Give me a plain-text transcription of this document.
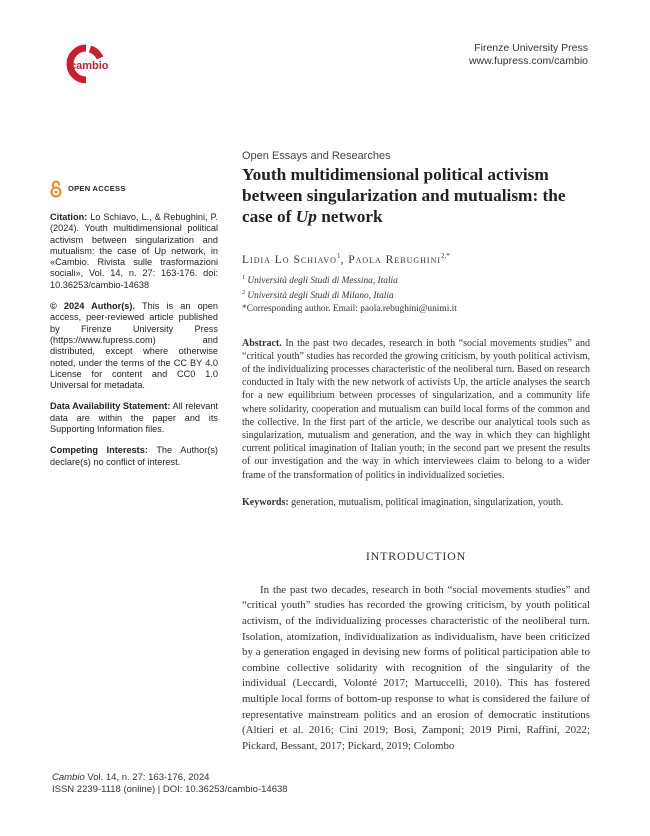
cambio
Firenze University Press
www.fupress.com/cambio
OPEN ACCESS
Citation: Lo Schiavo, L., & Rebughini, P. (2024). Youth multidimensional political activism between singularization and mutualism: the case of Up network, in «Cambio. Rivista sulle trasformazioni sociali», Vol. 14, n. 27: 163-176. doi: 10.36253/cambio-14638
© 2024 Author(s). This is an open access, peer-reviewed article published by Firenze University Press (https://www.fupress.com) and distributed, except where otherwise noted, under the terms of the CC BY 4.0 License for content and CC0 1.0 Universal for metadata.
Data Availability Statement: All relevant data are within the paper and its Supporting Information files.
Competing Interests: The Author(s) declare(s) no conflict of interest.
Open Essays and Researches
Youth multidimensional political activism between singularization and mutualism: the case of Up network
Lidia Lo Schiavo$^1$, Paola Rebughini$^{2,*}$
$^1$ Università degli Studi di Messina, Italia
$^2$ Università degli Studi di Milano, Italia
*Corresponding author. Email: paola.rebughini@unimi.it
Abstract. In the past two decades, research in both “social movements studies” and “critical youth” studies has recorded the growing criticism, by youth political activism, of the individualizing processes characteristic of the neoliberal turn. Based on research conducted in Italy with the new network of activists Up, the article analyses the search for a new equilibrium between processes of singularization, and a community life where solidarity, cooperation and mutualism can build local forms of the common and the collective. In the first part of the article, we describe our analytical tools such as singularization, mutualism and generation, and the way in which they can highlight current political imagination of Italian youth; in the second part we present the results of our investigation and the way in which interviewees claim to belong to a wider frame of the transformation of politics in individualized societies.
Keywords: generation, mutualism, political imagination, singularization, youth.
INTRODUCTION
In the past two decades, research in both “social movements studies” and “critical youth” studies has recorded the growing criticism, by youth political activism, of the individualizing processes characteristic of the neoliberal turn. Isolation, atomization, individualization as individualism, have been criticized by a generation engaged in devising new forms of political participation able to combine collective solidarity with recognition of the singularity of the individual (Leccardi, Volonté 2017; Martuccelli, 2010). This has fostered multiple local forms of bottom-up response to what is considered the failure of representative mainstream politics and an erosion of democratic institutions (Altieri et al. 2016; Cini 2019; Bosi, Zamponi; 2019 Pirni, Raffini, 2022; Pickard, Bessant, 2017; Pickard, 2019; Colombo
Cambio Vol. 14, n. 27: 163-176, 2024
ISSN 2239-1118 (online) | DOI: 10.36253/cambio-14638
